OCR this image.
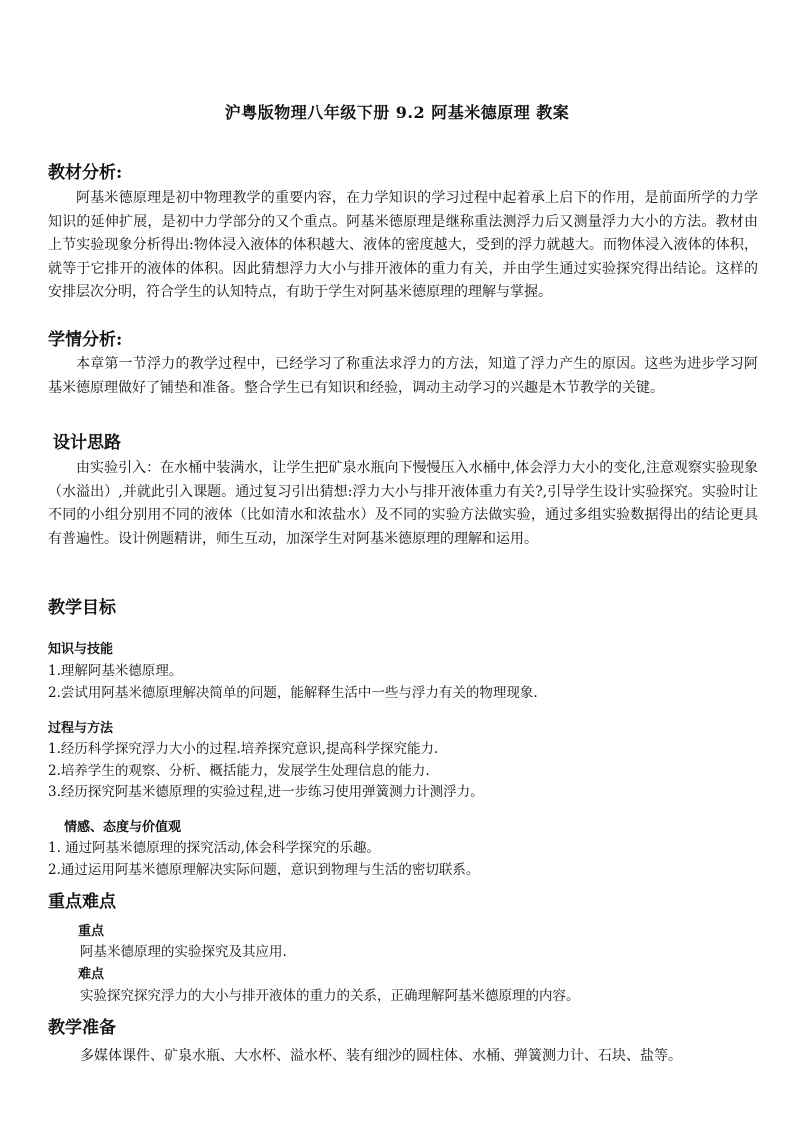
沪粤版物理八年级下册 9.2 阿基米德原理 教案
教材分析:
阿基米德原理是初中物理教学的重要内容，在力学知识的学习过程中起着承上启下的作用，是前面所学的力学知识的延伸扩展，是初中力学部分的又个重点。阿基米德原理是继称重法测浮力后又测量浮力大小的方法。教材由上节实验现象分析得出:物体浸入液体的体积越大、液体的密度越大，受到的浮力就越大。而物体浸入液体的体积，就等于它排开的液体的体积。因此猜想浮力大小与排开液体的重力有关，并由学生通过实验探究得出结论。这样的安排层次分明，符合学生的认知特点，有助于学生对阿基米德原理的理解与掌握。
学情分析:
本章第一节浮力的教学过程中，已经学习了称重法求浮力的方法，知道了浮力产生的原因。这些为进步学习阿基米德原理做好了铺垫和准备。整合学生已有知识和经验，调动主动学习的兴趣是木节教学的关键。
设计思路
由实验引入：在水桶中装满水，让学生把矿泉水瓶向下慢慢压入水桶中,体会浮力大小的变化,注意观察实验现象（水溢出）,并就此引入课题。通过复习引出猜想:浮力大小与排开液体重力有关?,引导学生设计实验探究。实验时让不同的小组分别用不同的液体（比如清水和浓盐水）及不同的实验方法做实验，通过多组实验数据得出的结论更具有普遍性。设计例题精讲，师生互动，加深学生对阿基米德原理的理解和运用。
教学目标
知识与技能
1.理解阿基米德原理。
2.尝试用阿基米德原理解决简单的问题，能解释生活中一些与浮力有关的物理现象.
过程与方法
1.经历科学探究浮力大小的过程.培养探究意识,提高科学探究能力.
2.培养学生的观察、分析、概括能力，发展学生处理信息的能力.
3.经历探究阿基米德原理的实验过程,进一步练习使用弹簧测力计测浮力。
情感、态度与价值观
1. 通过阿基米德原理的探究活动,体会科学探究的乐趣。
2.通过运用阿基米德原理解决实际问题，意识到物理与生活的密切联系。
重点难点
重点
阿基米德原理的实验探究及其应用.
难点
实验探究探究浮力的大小与排开液体的重力的关系，正确理解阿基米德原理的内容。
教学准备
多媒体课件、矿泉水瓶、大水杯、溢水杯、装有细沙的圆柱体、水桶、弹簧测力计、石块、盐等。
